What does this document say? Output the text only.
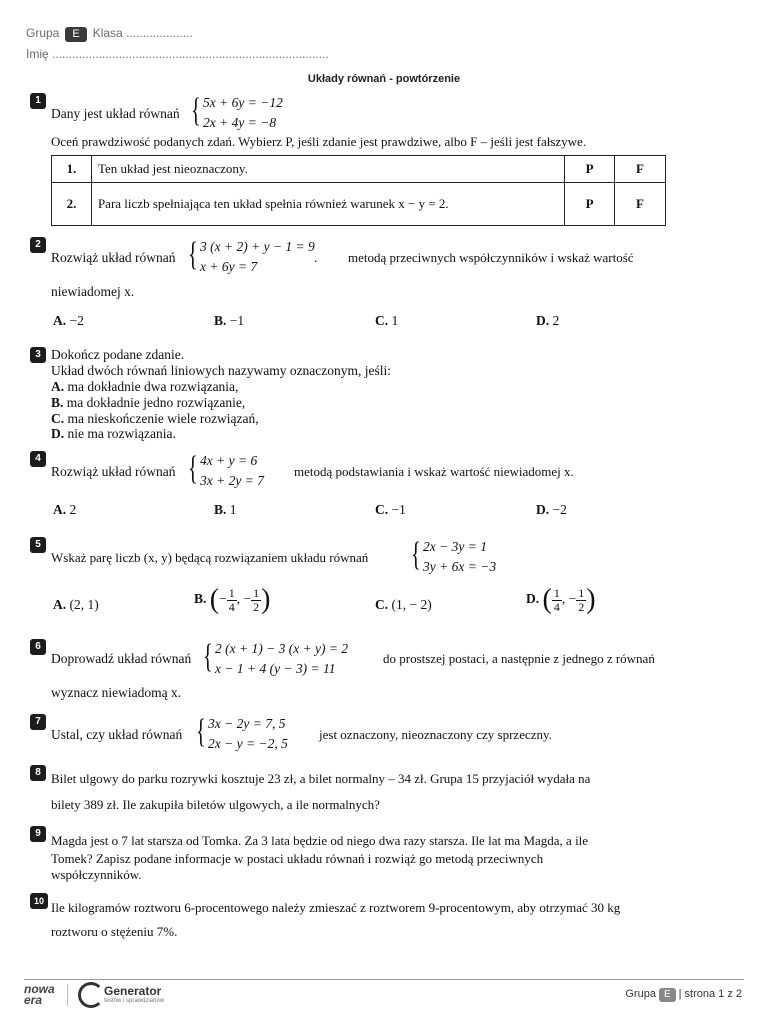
Grupa E Klasa ....................
Imię ...................................................................................
Układy równań - powtórzenie
1
Dany jest układ równań { 5x + 6y = −12
2x + 4y = −8
Oceń prawdziwość podanych zdań. Wybierz P, jeśli zdanie jest prawdziwe, albo F – jeśli jest fałszywe.
1.	Ten układ jest nieoznaczony.	P	F
2.	Para liczb spełniająca ten układ spełnia również warunek x − y = 2.	P	F
2
Rozwiąż układ równań { 3 (x + 2) + y − 1 = 9
x + 6y = 7
. metodą przeciwnych współczynników i wskaż wartość
niewiadomej x.
A. −2	B. −1	C. 1	D. 2
3 Dokończ podane zdanie.
Układ dwóch równań liniowych nazywamy oznaczonym, jeśli:
A. ma dokładnie dwa rozwiązania,
B. ma dokładnie jedno rozwiązanie,
C. ma nieskończenie wiele rozwiązań,
D. nie ma rozwiązania.
4
Rozwiąż układ równań { 4x + y = 6
3x + 2y = 7
metodą podstawiania i wskaż wartość niewiadomej x.
A. 2	B. 1	C. −1	D. −2
5
Wskaż parę liczb (x, y) będącą rozwiązaniem układu równań { 2x − 3y = 1
3y + 6x = −3
A. (2, 1)	B. (− $\frac{1}{4}$ , − $\frac{1}{2}$ )	C. (1, − 2)	D. ( $\frac{1}{4}$ , − $\frac{1}{2}$ )
6
Doprowadź układ równań { 2 (x + 1) − 3 (x + y) = 2
x − 1 + 4 (y − 3) = 11
do prostszej postaci, a następnie z jednego z równań
wyznacz niewiadomą x.
7
Ustal, czy układ równań { 3x − 2y = 7, 5
2x − y = −2, 5
jest oznaczony, nieoznaczony czy sprzeczny.
8 Bilet ulgowy do parku rozrywki kosztuje 23 zł, a bilet normalny – 34 zł. Grupa 15 przyjaciół wydała na
bilety 389 zł. Ile zakupiła biletów ulgowych, a ile normalnych?
9 Magda jest o 7 lat starsza od Tomka. Za 3 lata będzie od niego dwa razy starsza. Ile lat ma Magda, a ile
Tomek? Zapisz podane informacje w postaci układu równań i rozwiąż go metodą przeciwnych
współczynników.
10 Ile kilogramów roztworu 6-procentowego należy zmieszać z roztworem 9-procentowym, aby otrzymać 30 kg
roztworu o stężeniu 7%.
nowa
era
Generator
testów i sprawdzianów
Grupa E | strona 1 z 2
